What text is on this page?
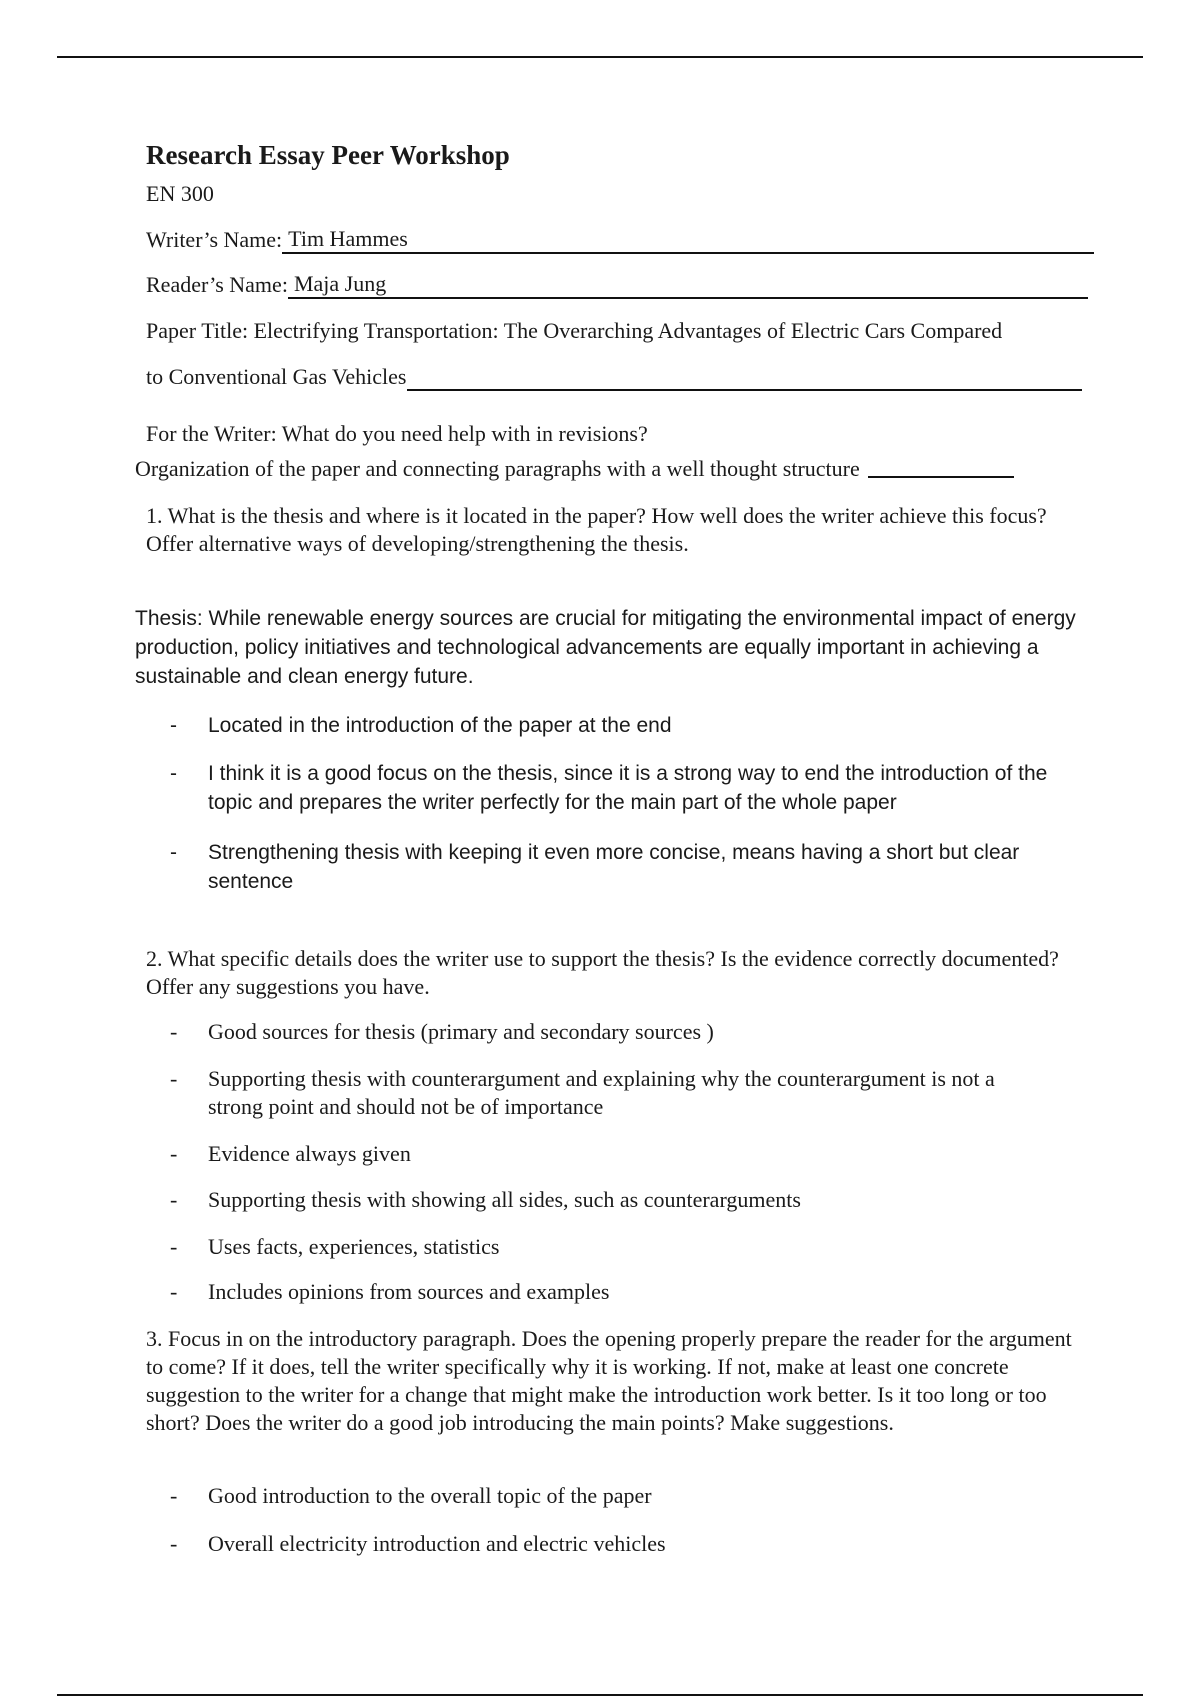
Research Essay Peer Workshop
EN 300
Writer’s Name: Tim Hammes
Reader’s Name: Maja Jung
Paper Title: Electrifying Transportation: The Overarching Advantages of Electric Cars Compared
to Conventional Gas Vehicles
For the Writer: What do you need help with in revisions?
Organization of the paper and connecting paragraphs with a well thought structure
1. What is the thesis and where is it located in the paper? How well does the writer achieve this focus? Offer alternative ways of developing/strengthening the thesis.
Thesis: While renewable energy sources are crucial for mitigating the environmental impact of energy production, policy initiatives and technological advancements are equally important in achieving a sustainable and clean energy future.
-	Located in the introduction of the paper at the end
-	I think it is a good focus on the thesis, since it is a strong way to end the introduction of the topic and prepares the writer perfectly for the main part of the whole paper
-	Strengthening thesis with keeping it even more concise, means having a short but clear sentence
2. What specific details does the writer use to support the thesis? Is the evidence correctly documented? Offer any suggestions you have.
-	Good sources for thesis (primary and secondary sources )
-	Supporting thesis with counterargument and explaining why the counterargument is not a strong point and should not be of importance
-	Evidence always given
-	Supporting thesis with showing all sides, such as counterarguments
-	Uses facts, experiences, statistics
-	Includes opinions from sources and examples
3. Focus in on the introductory paragraph. Does the opening properly prepare the reader for the argument to come? If it does, tell the writer specifically why it is working. If not, make at least one concrete suggestion to the writer for a change that might make the introduction work better. Is it too long or too short? Does the writer do a good job introducing the main points? Make suggestions.
-	Good introduction to the overall topic of the paper
-	Overall electricity introduction and electric vehicles
